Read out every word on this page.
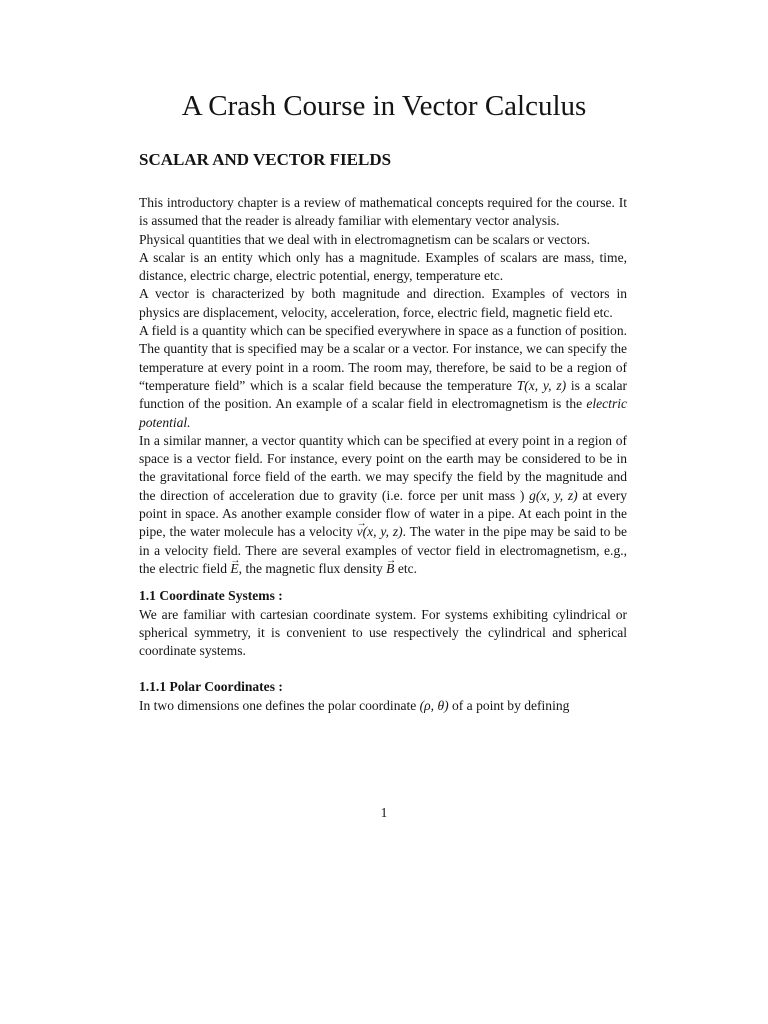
A Crash Course in Vector Calculus
SCALAR AND VECTOR FIELDS

This introductory chapter is a review of mathematical concepts required for the course. It is assumed that the reader is already familiar with elementary vector analysis.

Physical quantities that we deal with in electromagnetism can be scalars or vectors.

A scalar is an entity which only has a magnitude. Examples of scalars are mass, time, distance, electric charge, electric potential, energy, temperature etc.

A vector is characterized by both magnitude and direction. Examples of vectors in physics are displacement, velocity, acceleration, force, electric field, magnetic field etc.

A field is a quantity which can be specified everywhere in space as a function of position. The quantity that is specified may be a scalar or a vector. For instance, we can specify the temperature at every point in a room. The room may, therefore, be said to be a region of “temperature field” which is a scalar field because the temperature T(x, y, z) is a scalar function of the position. An example of a scalar field in electromagnetism is the electric potential.

In a similar manner, a vector quantity which can be specified at every point in a region of space is a vector field. For instance, every point on the earth may be considered to be in the gravitational force field of the earth. we may specify the field by the magnitude and the direction of acceleration due to gravity (i.e. force per unit mass ) g(x, y, z) at every point in space. As another example consider flow of water in a pipe. At each point in the pipe, the water molecule has a velocity → v(x, y, z). The water in the pipe may be said to be in a velocity field. There are several examples of vector field in electromagnetism, e.g., the electric field → E, the magnetic flux density → B etc.

1.1 Coordinate Systems :

We are familiar with cartesian coordinate system. For systems exhibiting cylindrical or spherical symmetry, it is convenient to use respectively the cylindrical and spherical coordinate systems.

1.1.1 Polar Coordinates :

In two dimensions one defines the polar coordinate (ρ, θ) of a point by defining

1
